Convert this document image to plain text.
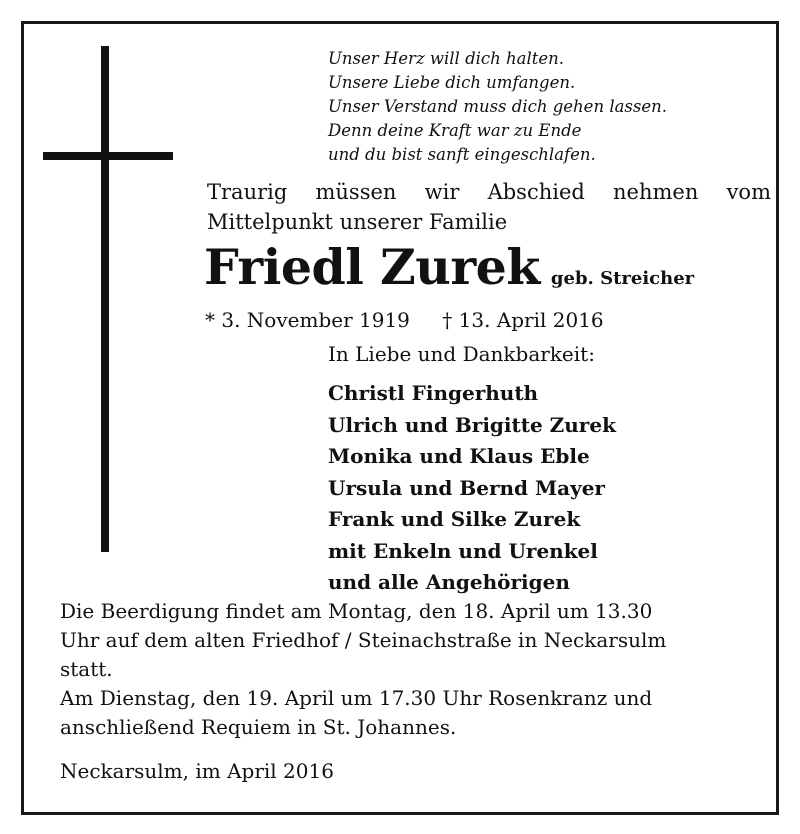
Unser Herz will dich halten.
Unsere Liebe dich umfangen.
Unser Verstand muss dich gehen lassen.
Denn deine Kraft war zu Ende
und du bist sanft eingeschlafen.
Traurig müssen wir Abschied nehmen vom
Mittelpunkt unserer Familie
Friedl Zurek geb. Streicher
* 3. November 1919 † 13. April 2016
In Liebe und Dankbarkeit:
Christl Fingerhuth
Ulrich und Brigitte Zurek
Monika und Klaus Eble
Ursula und Bernd Mayer
Frank und Silke Zurek
mit Enkeln und Urenkel
und alle Angehörigen
Die Beerdigung findet am Montag, den 18. April um 13.30
Uhr auf dem alten Friedhof / Steinachstraße in Neckarsulm
statt.
Am Dienstag, den 19. April um 17.30 Uhr Rosenkranz und
anschließend Requiem in St. Johannes.
Neckarsulm, im April 2016
